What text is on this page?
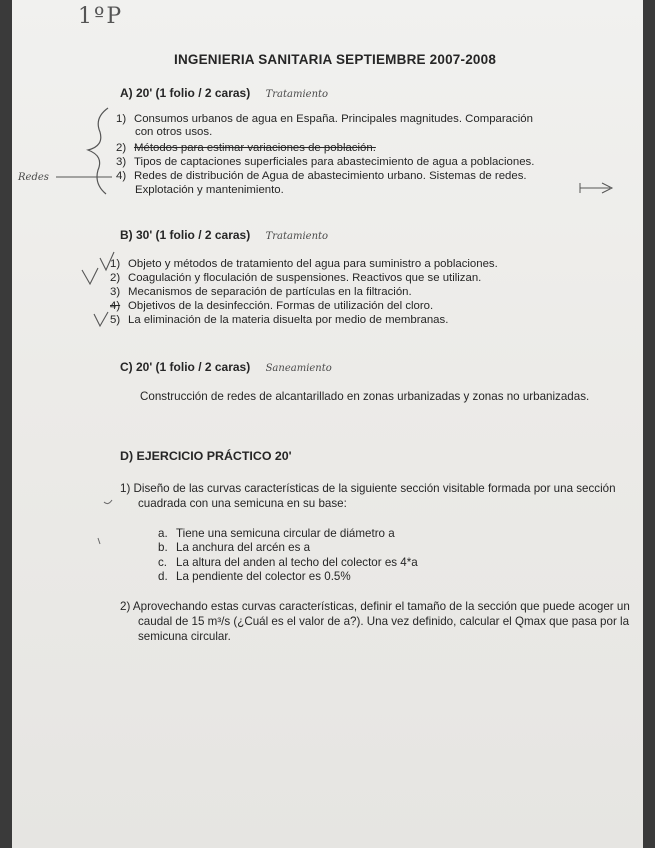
1ºP
Redes
INGENIERIA SANITARIA SEPTIEMBRE 2007-2008
A) 20' (1 folio / 2 caras) Tratamiento
1) Consumos urbanos de agua en España. Principales magnitudes. Comparación
con otros usos.
2) Métodos para estimar variaciones de población.
3) Tipos de captaciones superficiales para abastecimiento de agua a poblaciones.
4) Redes de distribución de Agua de abastecimiento urbano. Sistemas de redes.
Explotación y mantenimiento.
B) 30' (1 folio / 2 caras) Tratamiento
1) Objeto y métodos de tratamiento del agua para suministro a poblaciones.
2) Coagulación y floculación de suspensiones. Reactivos que se utilizan.
3) Mecanismos de separación de partículas en la filtración.
4) Objetivos de la desinfección. Formas de utilización del cloro.
5) La eliminación de la materia disuelta por medio de membranas.
C) 20' (1 folio / 2 caras) Saneamiento
Construcción de redes de alcantarillado en zonas urbanizadas y zonas no urbanizadas.
D) EJERCICIO PRÁCTICO 20'
1) Diseño de las curvas características de la siguiente sección visitable formada por una sección cuadrada con una semicuna en su base:
a. Tiene una semicuna circular de diámetro a
b. La anchura del arcén es a
c. La altura del anden al techo del colector es 4*a
d. La pendiente del colector es 0.5%
2) Aprovechando estas curvas características, definir el tamaño de la sección que puede acoger un caudal de 15 m³/s (¿Cuál es el valor de a?). Una vez definido, calcular el Qmax que pasa por la semicuna circular.
